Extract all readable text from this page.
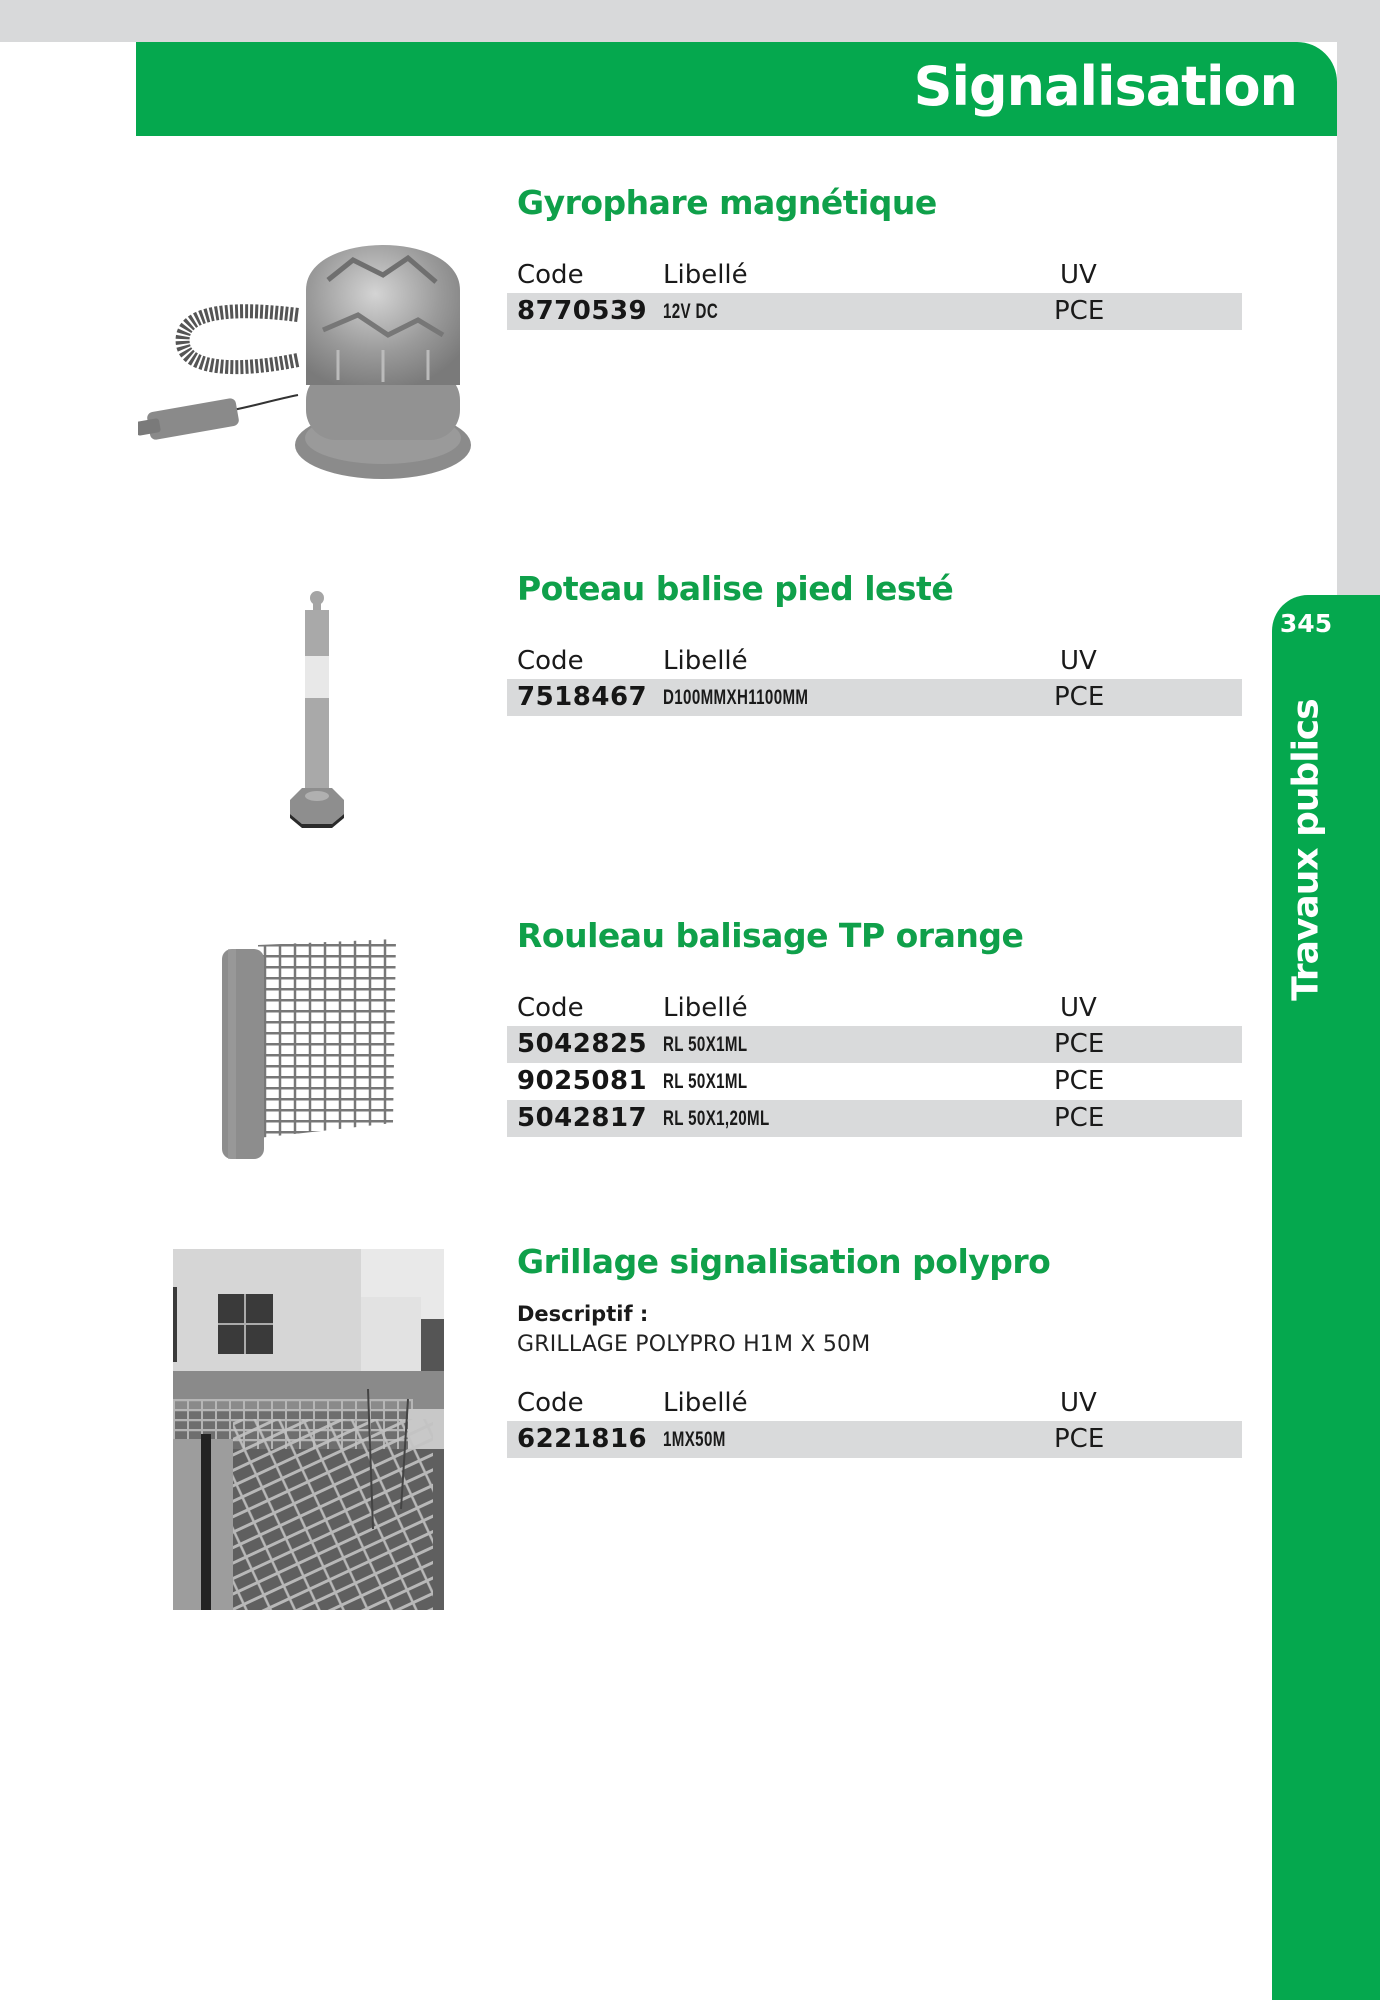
Signalisation
345
Travaux publics
Gyrophare magnétique
Code	Libellé	UV
8770539 12V DC	PCE
Poteau balise pied lesté
Code	Libellé	UV
7518467 D100MMXH1100MM	PCE
Rouleau balisage TP orange
Code	Libellé	UV
5042825 RL 50X1ML	PCE
9025081 RL 50X1ML	PCE
5042817 RL 50X1,20ML	PCE
Grillage signalisation polypro
Descriptif :
GRILLAGE POLYPRO H1M X 50M
Code	Libellé	UV
6221816 1MX50M	PCE
